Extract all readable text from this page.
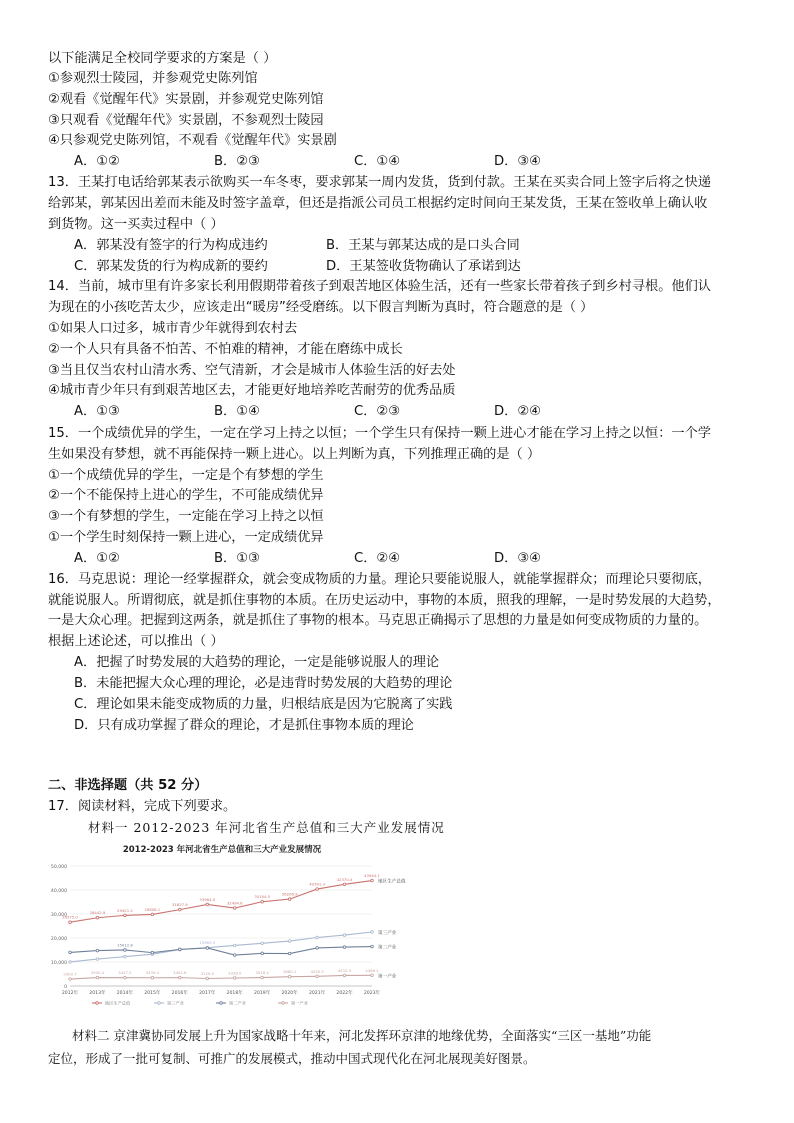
以下能满足全校同学要求的方案是（ ）
①参观烈士陵园，并参观党史陈列馆
②观看《觉醒年代》实景剧，并参观党史陈列馆
③只观看《觉醒年代》实景剧，不参观烈士陵园
④只参观党史陈列馆，不观看《觉醒年代》实景剧
A．①②	B．②③	C．①④	D．③④
13．王某打电话给郭某表示欲购买一车冬枣，要求郭某一周内发货，货到付款。王某在买卖合同上签字后将之快递
给郭某，郭某因出差而未能及时签字盖章，但还是指派公司员工根据约定时间向王某发货，王某在签收单上确认收
到货物。这一买卖过程中（ ）
A．郭某没有签字的行为构成违约	B．王某与郭某达成的是口头合同
C．郭某发货的行为构成新的要约	D．王某签收货物确认了承诺到达
14．当前，城市里有许多家长利用假期带着孩子到艰苦地区体验生活，还有一些家长带着孩子到乡村寻根。他们认
为现在的小孩吃苦太少，应该走出“暖房”经受磨练。以下假言判断为真时，符合题意的是（ ）
①如果人口过多，城市青少年就得到农村去
②一个人只有具备不怕苦、不怕难的精神，才能在磨练中成长
③当且仅当农村山清水秀、空气清新，才会是城市人体验生活的好去处
④城市青少年只有到艰苦地区去，才能更好地培养吃苦耐劳的优秀品质
A．①③	B．①④	C．②③	D．②④
15．一个成绩优异的学生，一定在学习上持之以恒；一个学生只有保持一颗上进心才能在学习上持之以恒：一个学
生如果没有梦想，就不再能保持一颗上进心。以上判断为真，下列推理正确的是（ ）
①一个成绩优异的学生，一定是个有梦想的学生
②一个不能保持上进心的学生，不可能成绩优异
③一个有梦想的学生，一定能在学习上持之以恒
①一个学生时刻保持一颗上进心，一定成绩优异
A．①②	B．①③	C．②④	D．③④
16．马克思说：理论一经掌握群众，就会变成物质的力量。理论只要能说服人，就能掌握群众；而理论只要彻底，
就能说服人。所谓彻底，就是抓住事物的本质。在历史运动中，事物的本质，照我的理解，一是时势发展的大趋势，
一是大众心理。把握到这两条，就是抓住了事物的根本。马克思正确揭示了思想的力量是如何变成物质的力量的。
根据上述论述，可以推出（ ）
A．把握了时势发展的大趋势的理论，一定是能够说服人的理论
B．未能把握大众心理的理论，必是违背时势发展的大趋势的理论
C．理论如果未能变成物质的力量，归根结底是因为它脱离了实践
D．只有成功掌握了群众的理论，才是抓住事物本质的理论
二、非选择题（共 52 分）
17．阅读材料，完成下列要求。
材料一 2012-2023 年河北省生产总值和三大产业发展情况
2012-2023 年河北省生产总值和三大产业发展情况
0
10,000
20,000
30,000
40,000
50,000
2012年 2013年 2014年 2015年 2016年 2017年 2018年 2019年 2020年 2021年 2022年 2023年
26575.0
28442.9	29421.2	29806.1
31827.9
33964.0
32494.6
35104.5
36206.9
40391.3
42370.4
43944.1
地区生产总值
15965.5
第三产业
15012.8
第二产业
2900.7	3500.4	3447.5	3439.4	3492.8	3129.9	3338.0	3518.4	3880.1	4030.3	4410.3	4466.2
第一产业
地区生产总值	第三产业	第二产业	第一产业
材料二 京津冀协同发展上升为国家战略十年来，河北发挥环京津的地缘优势，全面落实“三区一基地”功能
定位，形成了一批可复制、可推广的发展模式，推动中国式现代化在河北展现美好图景。
